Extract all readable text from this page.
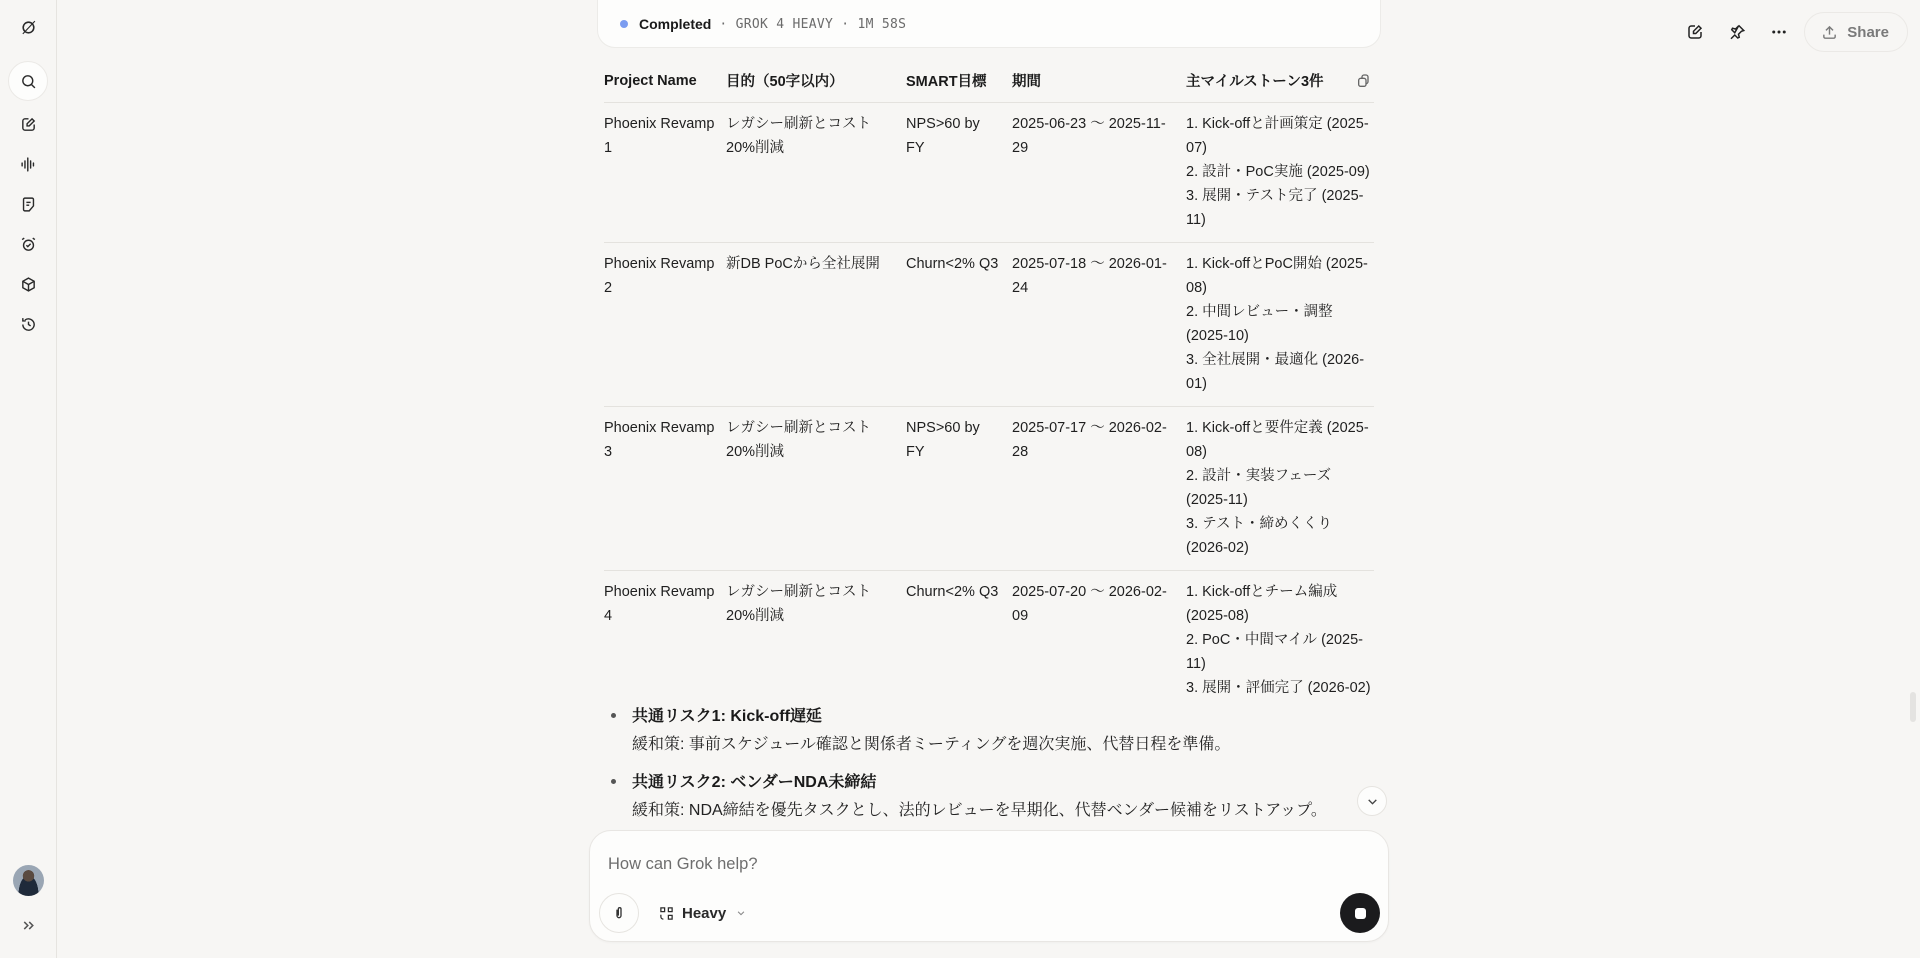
Share
Completed · GROK 4 HEAVY · 1M 58S
Project Name	目的（50字以内）	SMART目標	期間	主マイルストーン3件

Phoenix Revamp 1	レガシー刷新とコスト20%削減	NPS>60 by FY	2025-06-23 〜 2025-11-29	1. Kick-offと計画策定 (2025-07)
2. 設計・PoC実施 (2025-09)
3. 展開・テスト完了 (2025-11)

Phoenix Revamp 2	新DB PoCから全社展開	Churn<2% Q3	2025-07-18 〜 2026-01-24	1. Kick-offとPoC開始 (2025-08)
2. 中間レビュー・調整 (2025-10)
3. 全社展開・最適化 (2026-01)

Phoenix Revamp 3	レガシー刷新とコスト20%削減	NPS>60 by FY	2025-07-17 〜 2026-02-28	1. Kick-offと要件定義 (2025-08)
2. 設計・実装フェーズ (2025-11)
3. テスト・締めくくり (2026-02)

Phoenix Revamp 4	レガシー刷新とコスト20%削減	Churn<2% Q3	2025-07-20 〜 2026-02-09	1. Kick-offとチーム編成 (2025-08)
2. PoC・中間マイル (2025-11)
3. 展開・評価完了 (2026-02)
共通リスク1: Kick-off遅延
緩和策: 事前スケジュール確認と関係者ミーティングを週次実施、代替日程を準備。
共通リスク2: ベンダーNDA未締結
緩和策: NDA締結を優先タスクとし、法的レビューを早期化、代替ベンダー候補をリストアップ。
How can Grok help?
Heavy
